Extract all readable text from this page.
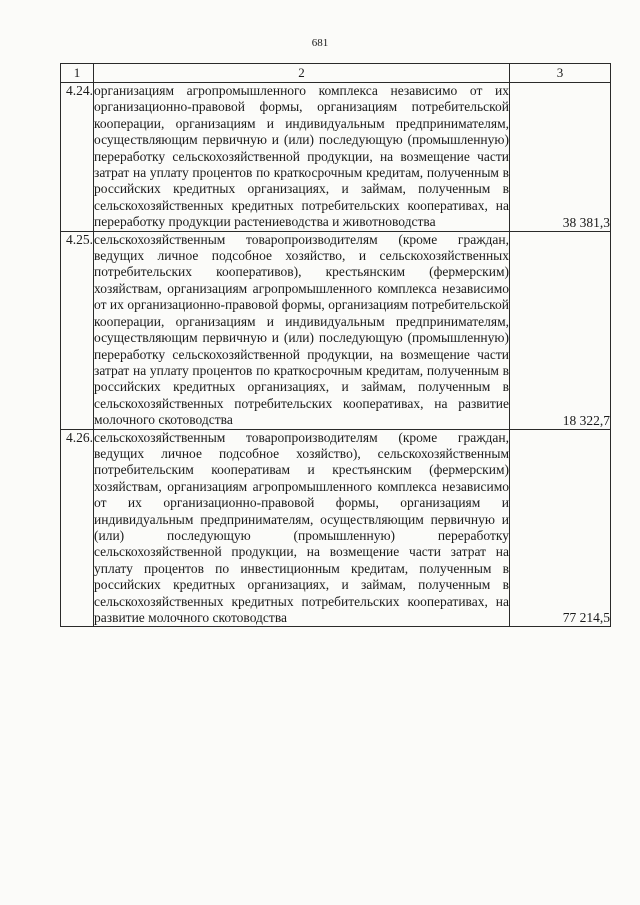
681
1	2	3
4.24.	организациям агропромышленного комплекса независимо от их организационно-правовой формы, организациям потребительской кооперации, организациям и индивидуальным предпринимателям, осуществляющим первичную и (или) последующую (промышленную) переработку сельскохозяйственной продукции, на возмещение части затрат на уплату процентов по краткосрочным кредитам, полученным в российских кредитных организациях, и займам, полученным в сельскохозяйственных кредитных потребительских кооперативах, на переработку продукции растениеводства и животноводства	38 381,3
4.25.	сельскохозяйственным товаропроизводителям (кроме граждан, ведущих личное подсобное хозяйство, и сельскохозяйственных потребительских кооперативов), крестьянским (фермерским) хозяйствам, организациям агропромышленного комплекса независимо от их организационно-правовой формы, организациям потребительской кооперации, организациям и индивидуальным предпринимателям, осуществляющим первичную и (или) последующую (промышленную) переработку сельскохозяйственной продукции, на возмещение части затрат на уплату процентов по краткосрочным кредитам, полученным в российских кредитных организациях, и займам, полученным в сельскохозяйственных потребительских кооперативах, на развитие молочного скотоводства	18 322,7
4.26.	сельскохозяйственным товаропроизводителям (кроме граждан, ведущих личное подсобное хозяйство), сельскохозяйственным потребительским кооперативам и крестьянским (фермерским) хозяйствам, организациям агропромышленного комплекса независимо от их организационно-правовой формы, организациям и индивидуальным предпринимателям, осуществляющим первичную и (или) последующую (промышленную) переработку сельскохозяйственной продукции, на возмещение части затрат на уплату процентов по инвестиционным кредитам, полученным в российских кредитных организациях, и займам, полученным в сельскохозяйственных кредитных потребительских кооперативах, на развитие молочного скотоводства	77 214,5
